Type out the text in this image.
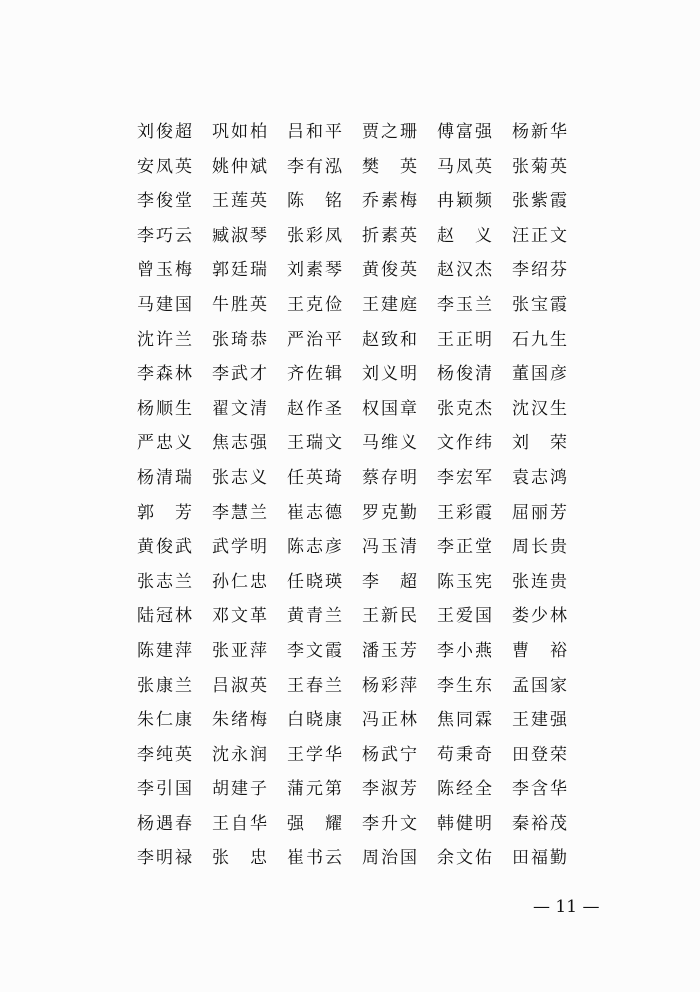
刘 俊 超 巩 如 柏 吕 和 平 贾 之 珊 傅 富 强 杨 新 华
安 凤 英 姚 仲 斌 李 有 泓 樊 英 马 凤 英 张 菊 英
李 俊 堂 王 莲 英 陈 铭 乔 素 梅 冉 颖 频 张 紫 霞
李 巧 云 臧 淑 琴 张 彩 凤 折 素 英 赵 义 汪 正 文
曾 玉 梅 郭 廷 瑞 刘 素 琴 黄 俊 英 赵 汉 杰 李 绍 芬
马 建 国 牛 胜 英 王 克 俭 王 建 庭 李 玉 兰 张 宝 霞
沈 许 兰 张 琦 恭 严 治 平 赵 致 和 王 正 明 石 九 生
李 森 林 李 武 才 齐 佐 辑 刘 义 明 杨 俊 清 董 国 彦
杨 顺 生 翟 文 清 赵 作 圣 权 国 章 张 克 杰 沈 汉 生
严 忠 义 焦 志 强 王 瑞 文 马 维 义 文 作 纬 刘 荣
杨 清 瑞 张 志 义 任 英 琦 蔡 存 明 李 宏 军 袁 志 鸿
郭 芳 李 慧 兰 崔 志 德 罗 克 勤 王 彩 霞 屈 丽 芳
黄 俊 武 武 学 明 陈 志 彦 冯 玉 清 李 正 堂 周 长 贵
张 志 兰 孙 仁 忠 任 晓 瑛 李 超 陈 玉 宪 张 连 贵
陆 冠 林 邓 文 革 黄 青 兰 王 新 民 王 爱 国 娄 少 林
陈 建 萍 张 亚 萍 李 文 霞 潘 玉 芳 李 小 燕 曹 裕
张 康 兰 吕 淑 英 王 春 兰 杨 彩 萍 李 生 东 孟 国 家
朱 仁 康 朱 绪 梅 白 晓 康 冯 正 林 焦 同 霖 王 建 强
李 纯 英 沈 永 润 王 学 华 杨 武 宁 苟 秉 奇 田 登 荣
李 引 国 胡 建 子 蒲 元 第 李 淑 芳 陈 经 全 李 含 华
杨 遇 春 王 自 华 强 耀 李 升 文 韩 健 明 秦 裕 茂
李 明 禄 张 忠 崔 书 云 周 治 国 余 文 佑 田 福 勤
— 11 —
